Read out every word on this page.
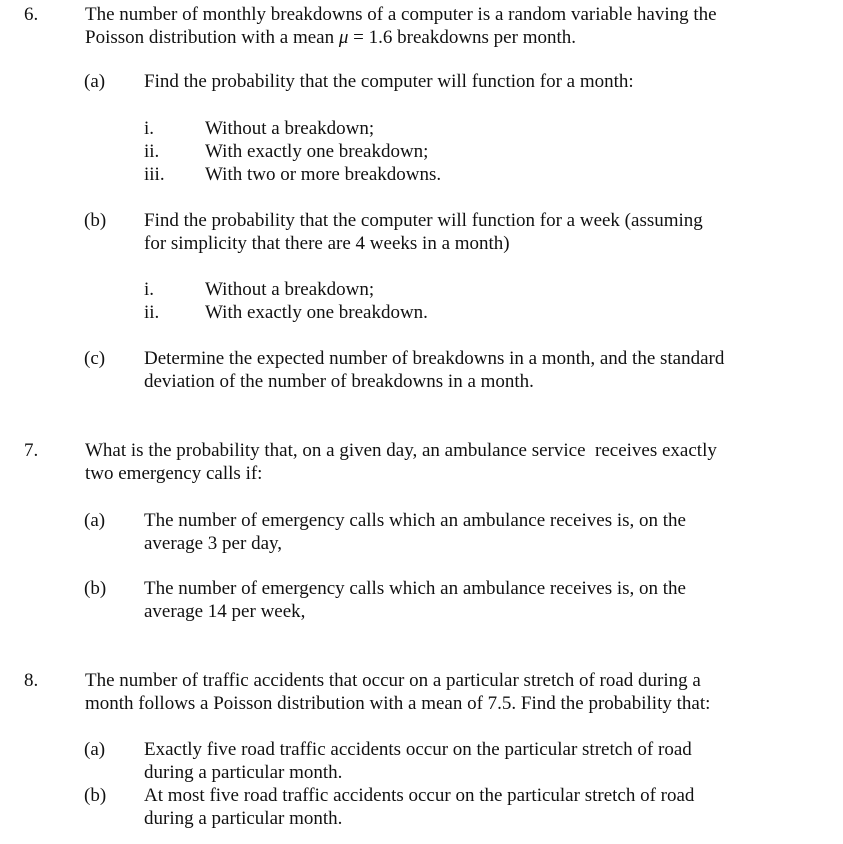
6. The number of monthly breakdowns of a computer is a random variable having the
Poisson distribution with a mean μ = 1.6 breakdowns per month.
(a) Find the probability that the computer will function for a month:
i.	Without a breakdown;
ii. With exactly one breakdown;
iii. With two or more breakdowns.
(b) Find the probability that the computer will function for a week (assuming
for simplicity that there are 4 weeks in a month)
i.	Without a breakdown;
ii. With exactly one breakdown.
(c) Determine the expected number of breakdowns in a month, and the standard
deviation of the number of breakdowns in a month.
7. What is the probability that, on a given day, an ambulance service  receives exactly
two emergency calls if:
(a) The number of emergency calls which an ambulance receives is, on the
average 3 per day,
(b) The number of emergency calls which an ambulance receives is, on the
average 14 per week,
8. The number of traffic accidents that occur on a particular stretch of road during a
month follows a Poisson distribution with a mean of 7.5. Find the probability that:
(a) Exactly five road traffic accidents occur on the particular stretch of road
during a particular month.
(b) At most five road traffic accidents occur on the particular stretch of road
during a particular month.
